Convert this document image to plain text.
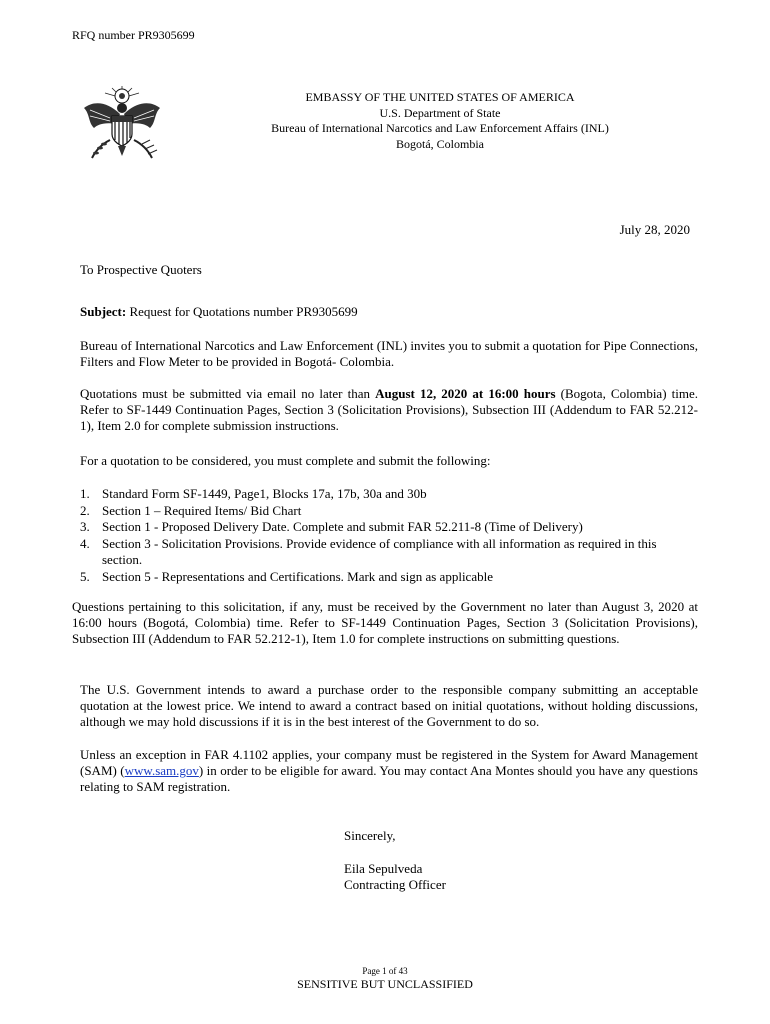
RFQ number PR9305699
EMBASSY OF THE UNITED STATES OF AMERICA
U.S. Department of State
Bureau of International Narcotics and Law Enforcement Affairs (INL)
Bogotá, Colombia
July 28, 2020
To Prospective Quoters
Subject: Request for Quotations number PR9305699
Bureau of International Narcotics and Law Enforcement (INL) invites you to submit a quotation for Pipe Connections, Filters and Flow Meter to be provided in Bogotá- Colombia.
Quotations must be submitted via email no later than August 12, 2020 at 16:00 hours (Bogota, Colombia) time. Refer to SF-1449 Continuation Pages, Section 3 (Solicitation Provisions), Subsection III (Addendum to FAR 52.212-1), Item 2.0 for complete submission instructions.
For a quotation to be considered, you must complete and submit the following:
1. Standard Form SF-1449, Page1, Blocks 17a, 17b, 30a and 30b
2. Section 1 – Required Items/ Bid Chart
3. Section 1 - Proposed Delivery Date. Complete and submit FAR 52.211-8 (Time of Delivery)
4. Section 3 - Solicitation Provisions. Provide evidence of compliance with all information as required in this section.
5. Section 5 - Representations and Certifications. Mark and sign as applicable
Questions pertaining to this solicitation, if any, must be received by the Government no later than August 3, 2020 at 16:00 hours (Bogotá, Colombia) time. Refer to SF-1449 Continuation Pages, Section 3 (Solicitation Provisions), Subsection III (Addendum to FAR 52.212-1), Item 1.0 for complete instructions on submitting questions.
The U.S. Government intends to award a purchase order to the responsible company submitting an acceptable quotation at the lowest price. We intend to award a contract based on initial quotations, without holding discussions, although we may hold discussions if it is in the best interest of the Government to do so.
Unless an exception in FAR 4.1102 applies, your company must be registered in the System for Award Management (SAM) (www.sam.gov) in order to be eligible for award. You may contact Ana Montes should you have any questions relating to SAM registration.
Sincerely,
Eila Sepulveda
Contracting Officer
Page 1 of 43
SENSITIVE BUT UNCLASSIFIED
